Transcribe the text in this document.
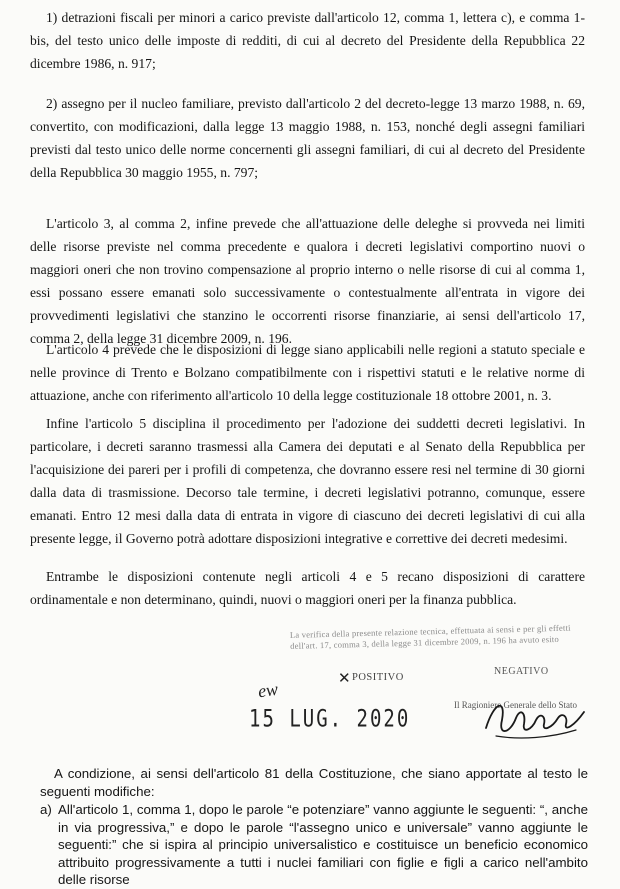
1) detrazioni fiscali per minori a carico previste dall'articolo 12, comma 1, lettera c), e comma 1-bis, del testo unico delle imposte di redditi, di cui al decreto del Presidente della Repubblica 22 dicembre 1986, n. 917;

2) assegno per il nucleo familiare, previsto dall'articolo 2 del decreto-legge 13 marzo 1988, n. 69, convertito, con modificazioni, dalla legge 13 maggio 1988, n. 153, nonché degli assegni familiari previsti dal testo unico delle norme concernenti gli assegni familiari, di cui al decreto del Presidente della Repubblica 30 maggio 1955, n. 797;

L'articolo 3, al comma 2, infine prevede che all'attuazione delle deleghe si provveda nei limiti delle risorse previste nel comma precedente e qualora i decreti legislativi comportino nuovi o maggiori oneri che non trovino compensazione al proprio interno o nelle risorse di cui al comma 1, essi possano essere emanati solo successivamente o contestualmente all'entrata in vigore dei provvedimenti legislativi che stanzino le occorrenti risorse finanziarie, ai sensi dell'articolo 17, comma 2, della legge 31 dicembre 2009, n. 196.

L'articolo 4 prevede che le disposizioni di legge siano applicabili nelle regioni a statuto speciale e nelle province di Trento e Bolzano compatibilmente con i rispettivi statuti e le relative norme di attuazione, anche con riferimento all'articolo 10 della legge costituzionale 18 ottobre 2001, n. 3.

Infine l'articolo 5 disciplina il procedimento per l'adozione dei suddetti decreti legislativi. In particolare, i decreti saranno trasmessi alla Camera dei deputati e al Senato della Repubblica per l'acquisizione dei pareri per i profili di competenza, che dovranno essere resi nel termine di 30 giorni dalla data di trasmissione. Decorso tale termine, i decreti legislativi potranno, comunque, essere emanati. Entro 12 mesi dalla data di entrata in vigore di ciascuno dei decreti legislativi di cui alla presente legge, il Governo potrà adottare disposizioni integrative e correttive dei decreti medesimi.

Entrambe le disposizioni contenute negli articoli 4 e 5 recano disposizioni di carattere ordinamentale e non determinano, quindi, nuovi o maggiori oneri per la finanza pubblica.

La verifica della presente relazione tecnica, effettuata ai sensi e per gli effetti dell'art. 17, comma 3, della legge 31 dicembre 2009, n. 196 ha avuto esito
✕ POSITIVO
NEGATIVO
ew
15 LUG. 2020
Il Ragioniere Generale dello Stato

A condizione, ai sensi dell'articolo 81 della Costituzione, che siano apportate al testo le seguenti modifiche:

a) All'articolo 1, comma 1, dopo le parole “e potenziare” vanno aggiunte le seguenti: “, anche in via progressiva,” e dopo le parole “l'assegno unico e universale” vanno aggiunte le seguenti:” che si ispira al principio universalistico e costituisce un beneficio economico attribuito progressivamente a tutti i nuclei familiari con figlie e figli a carico nell'ambito delle risorse
